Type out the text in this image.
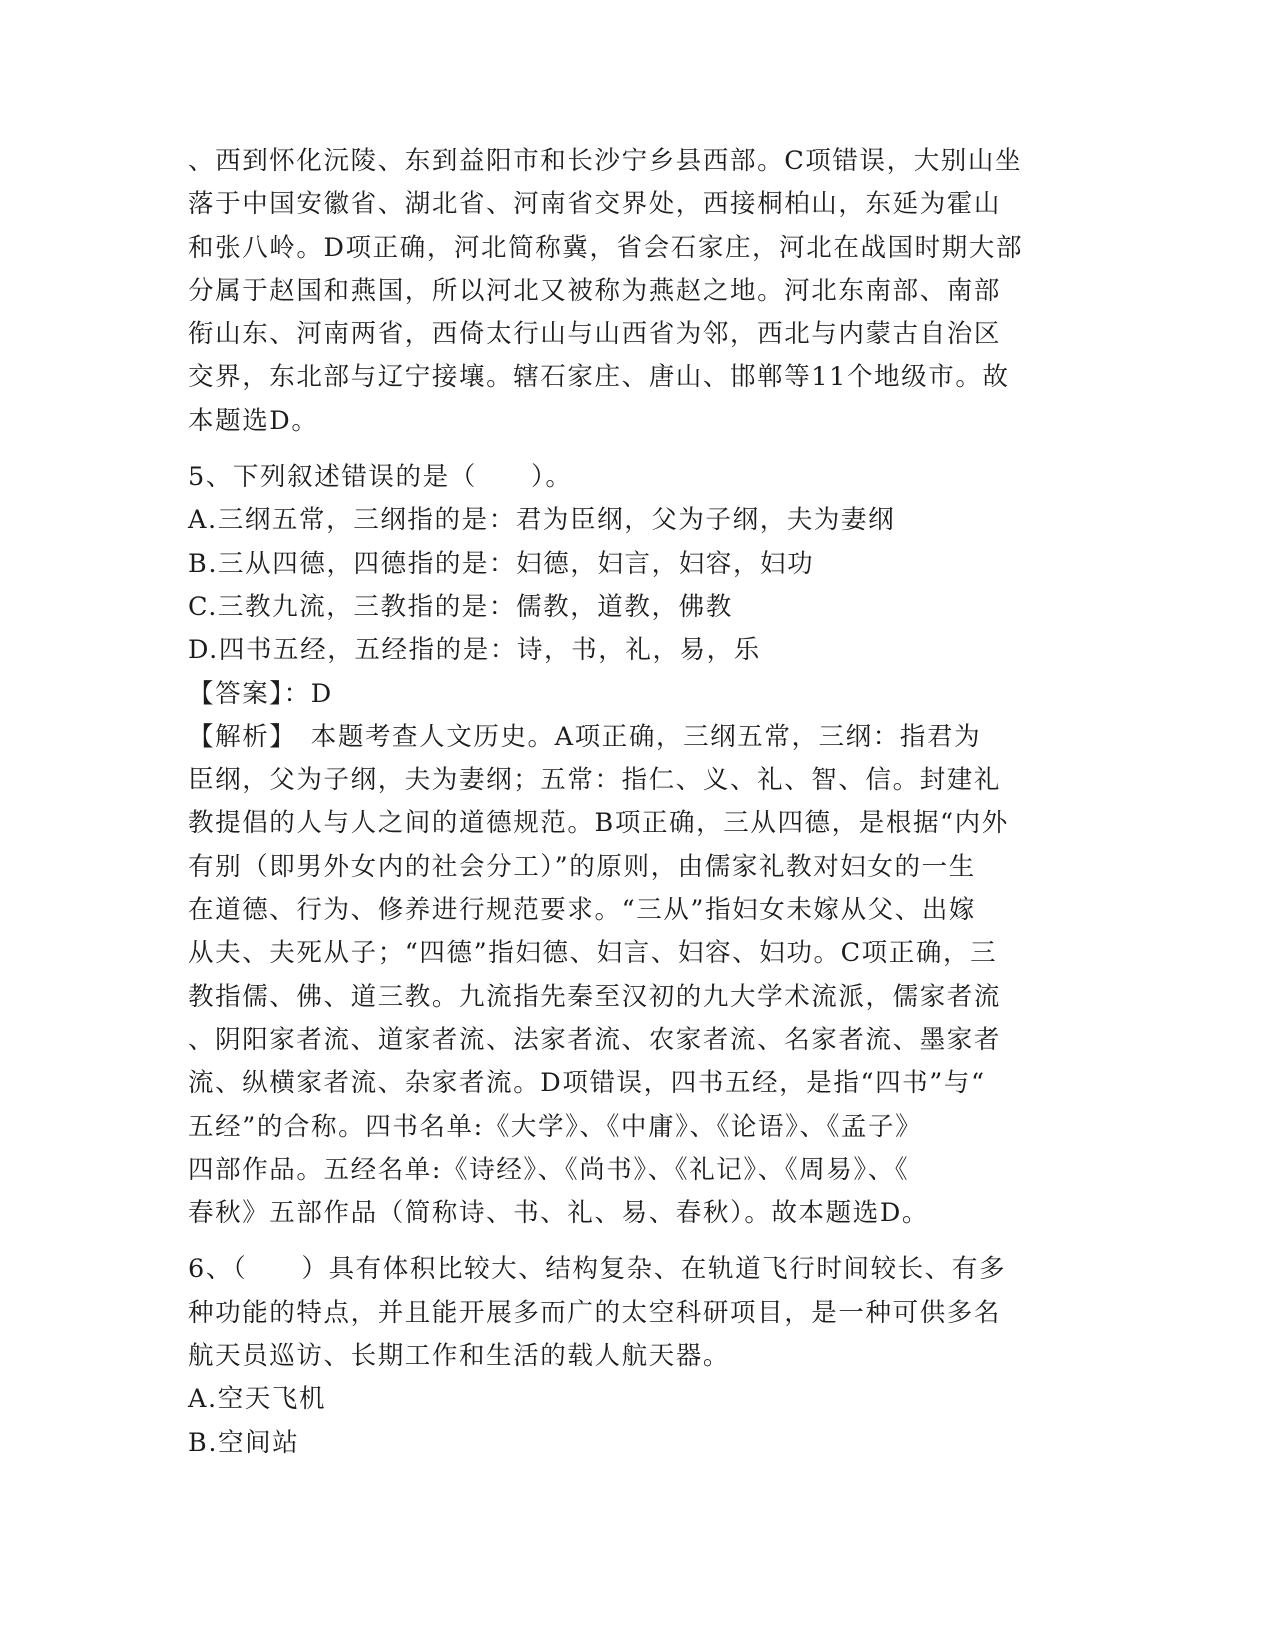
、西到怀化沅陵、东到益阳市和长沙宁乡县西部。C项错误，大别山坐
落于中国安徽省、湖北省、河南省交界处，西接桐柏山，东延为霍山
和张八岭。D项正确，河北简称冀，省会石家庄，河北在战国时期大部
分属于赵国和燕国，所以河北又被称为燕赵之地。河北东南部、南部
衔山东、河南两省，西倚太行山与山西省为邻，西北与内蒙古自治区
交界，东北部与辽宁接壤。辖石家庄、唐山、邯郸等11个地级市。故
本题选D。
5、下列叙述错误的是（　　）。
A.三纲五常，三纲指的是：君为臣纲，父为子纲，夫为妻纲
B.三从四德，四德指的是：妇德，妇言，妇容，妇功
C.三教九流，三教指的是：儒教，道教，佛教
D.四书五经，五经指的是：诗，书，礼，易，乐
【答案】：D
【解析】　本题考查人文历史。A项正确，三纲五常，三纲：指君为
臣纲，父为子纲，夫为妻纲；五常：指仁、义、礼、智、信。封建礼
教提倡的人与人之间的道德规范。B项正确，三从四德，是根据“内外
有别（即男外女内的社会分工）”的原则，由儒家礼教对妇女的一生
在道德、行为、修养进行规范要求。“三从”指妇女未嫁从父、出嫁
从夫、夫死从子；“四德”指妇德、妇言、妇容、妇功。C项正确，三
教指儒、佛、道三教。九流指先秦至汉初的九大学术流派，儒家者流
、阴阳家者流、道家者流、法家者流、农家者流、名家者流、墨家者
流、纵横家者流、杂家者流。D项错误，四书五经，是指“四书”与“
五经”的合称。四书名单:《大学》、《中庸》、《论语》、《孟子》
四部作品。五经名单:《诗经》、《尚书》、《礼记》、《周易》、《
春秋》五部作品（简称诗、书、礼、易、春秋）。故本题选D。
6、（　　）具有体积比较大、结构复杂、在轨道飞行时间较长、有多
种功能的特点，并且能开展多而广的太空科研项目，是一种可供多名
航天员巡访、长期工作和生活的载人航天器。
A.空天飞机
B.空间站
